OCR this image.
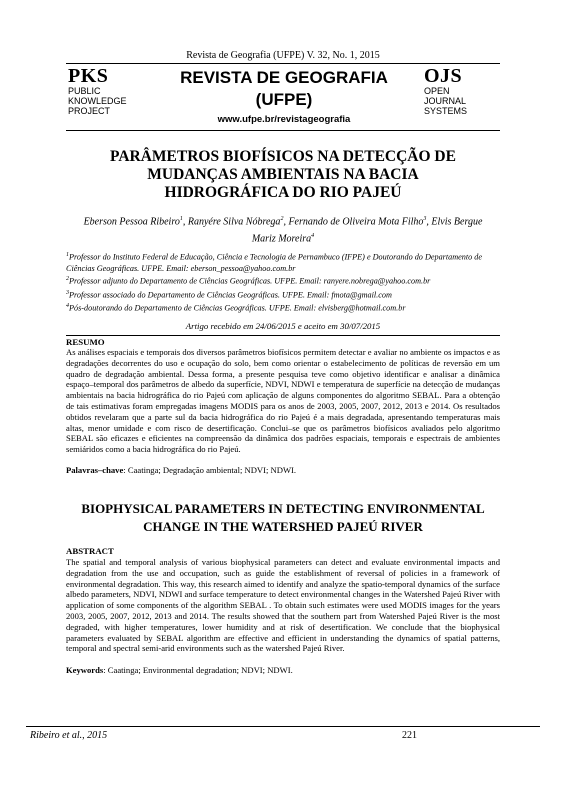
Revista de Geografia (UFPE) V. 32, No. 1, 2015
PKS
PUBLIC
KNOWLEDGE
PROJECT
REVISTA DE GEOGRAFIA
(UFPE)
www.ufpe.br/revistageografia
OJS
OPEN
JOURNAL
SYSTEMS
PARÂMETROS BIOFÍSICOS NA DETECÇÃO DE MUDANÇAS AMBIENTAIS NA BACIA HIDROGRÁFICA DO RIO PAJEÚ
Eberson Pessoa Ribeiro$^1$, Ranyére Silva Nóbrega$^2$, Fernando de Oliveira Mota Filho$^3$, Elvis Bergue Mariz Moreira$^4$
$^1$Professor do Instituto Federal de Educação, Ciência e Tecnologia de Pernambuco (IFPE) e Doutorando do Departamento de Ciências Geográficas. UFPE. Email: eberson_pessoa@yahoo.com.br
$^2$Professor adjunto do Departamento de Ciências Geográficas. UFPE. Email: ranyere.nobrega@yahoo.com.br
$^3$Professor associado do Departamento de Ciências Geográficas. UFPE. Email: fmota@gmail.com
$^4$Pós-doutorando do Departamento de Ciências Geográficas. UFPE. Email: elvisberg@hotmail.com.br
Artigo recebido em 24/06/2015 e aceito em 30/07/2015
RESUMO
As análises espaciais e temporais dos diversos parâmetros biofísicos permitem detectar e avaliar no ambiente os impactos e as degradações decorrentes do uso e ocupação do solo, bem como orientar o estabelecimento de políticas de reversão em um quadro de degradação ambiental. Dessa forma, a presente pesquisa teve como objetivo identificar e analisar a dinâmica espaço–temporal dos parâmetros de albedo da superfície, NDVI, NDWI e temperatura de superfície na detecção de mudanças ambientais na bacia hidrográfica do rio Pajeú com aplicação de alguns componentes do algoritmo SEBAL. Para a obtenção de tais estimativas foram empregadas imagens MODIS para os anos de 2003, 2005, 2007, 2012, 2013 e 2014. Os resultados obtidos revelaram que a parte sul da bacia hidrográfica do rio Pajeú é a mais degradada, apresentando temperaturas mais altas, menor umidade e com risco de desertificação. Conclui–se que os parâmetros biofísicos avaliados pelo algoritmo SEBAL são eficazes e eficientes na compreensão da dinâmica dos padrões espaciais, temporais e espectrais de ambientes semiáridos como a bacia hidrográfica do rio Pajeú.
Palavras–chave: Caatinga; Degradação ambiental; NDVI; NDWI.
BIOPHYSICAL PARAMETERS IN DETECTING ENVIRONMENTAL CHANGE IN THE WATERSHED PAJEÚ RIVER
ABSTRACT
The spatial and temporal analysis of various biophysical parameters can detect and evaluate environmental impacts and degradation from the use and occupation, such as guide the establishment of reversal of policies in a framework of environmental degradation. This way, this research aimed to identify and analyze the spatio-temporal dynamics of the surface albedo parameters, NDVI, NDWI and surface temperature to detect environmental changes in the Watershed Pajeú River with application of some components of the algorithm SEBAL . To obtain such estimates were used MODIS images for the years 2003, 2005, 2007, 2012, 2013 and 2014. The results showed that the southern part from Watershed Pajeú River is the most degraded, with higher temperatures, lower humidity and at risk of desertification. We conclude that the biophysical parameters evaluated by SEBAL algorithm are effective and efficient in understanding the dynamics of spatial patterns, temporal and spectral semi-arid environments such as the watershed Pajeú River.
Keywords: Caatinga; Environmental degradation; NDVI; NDWI.
Ribeiro et al., 2015	221
